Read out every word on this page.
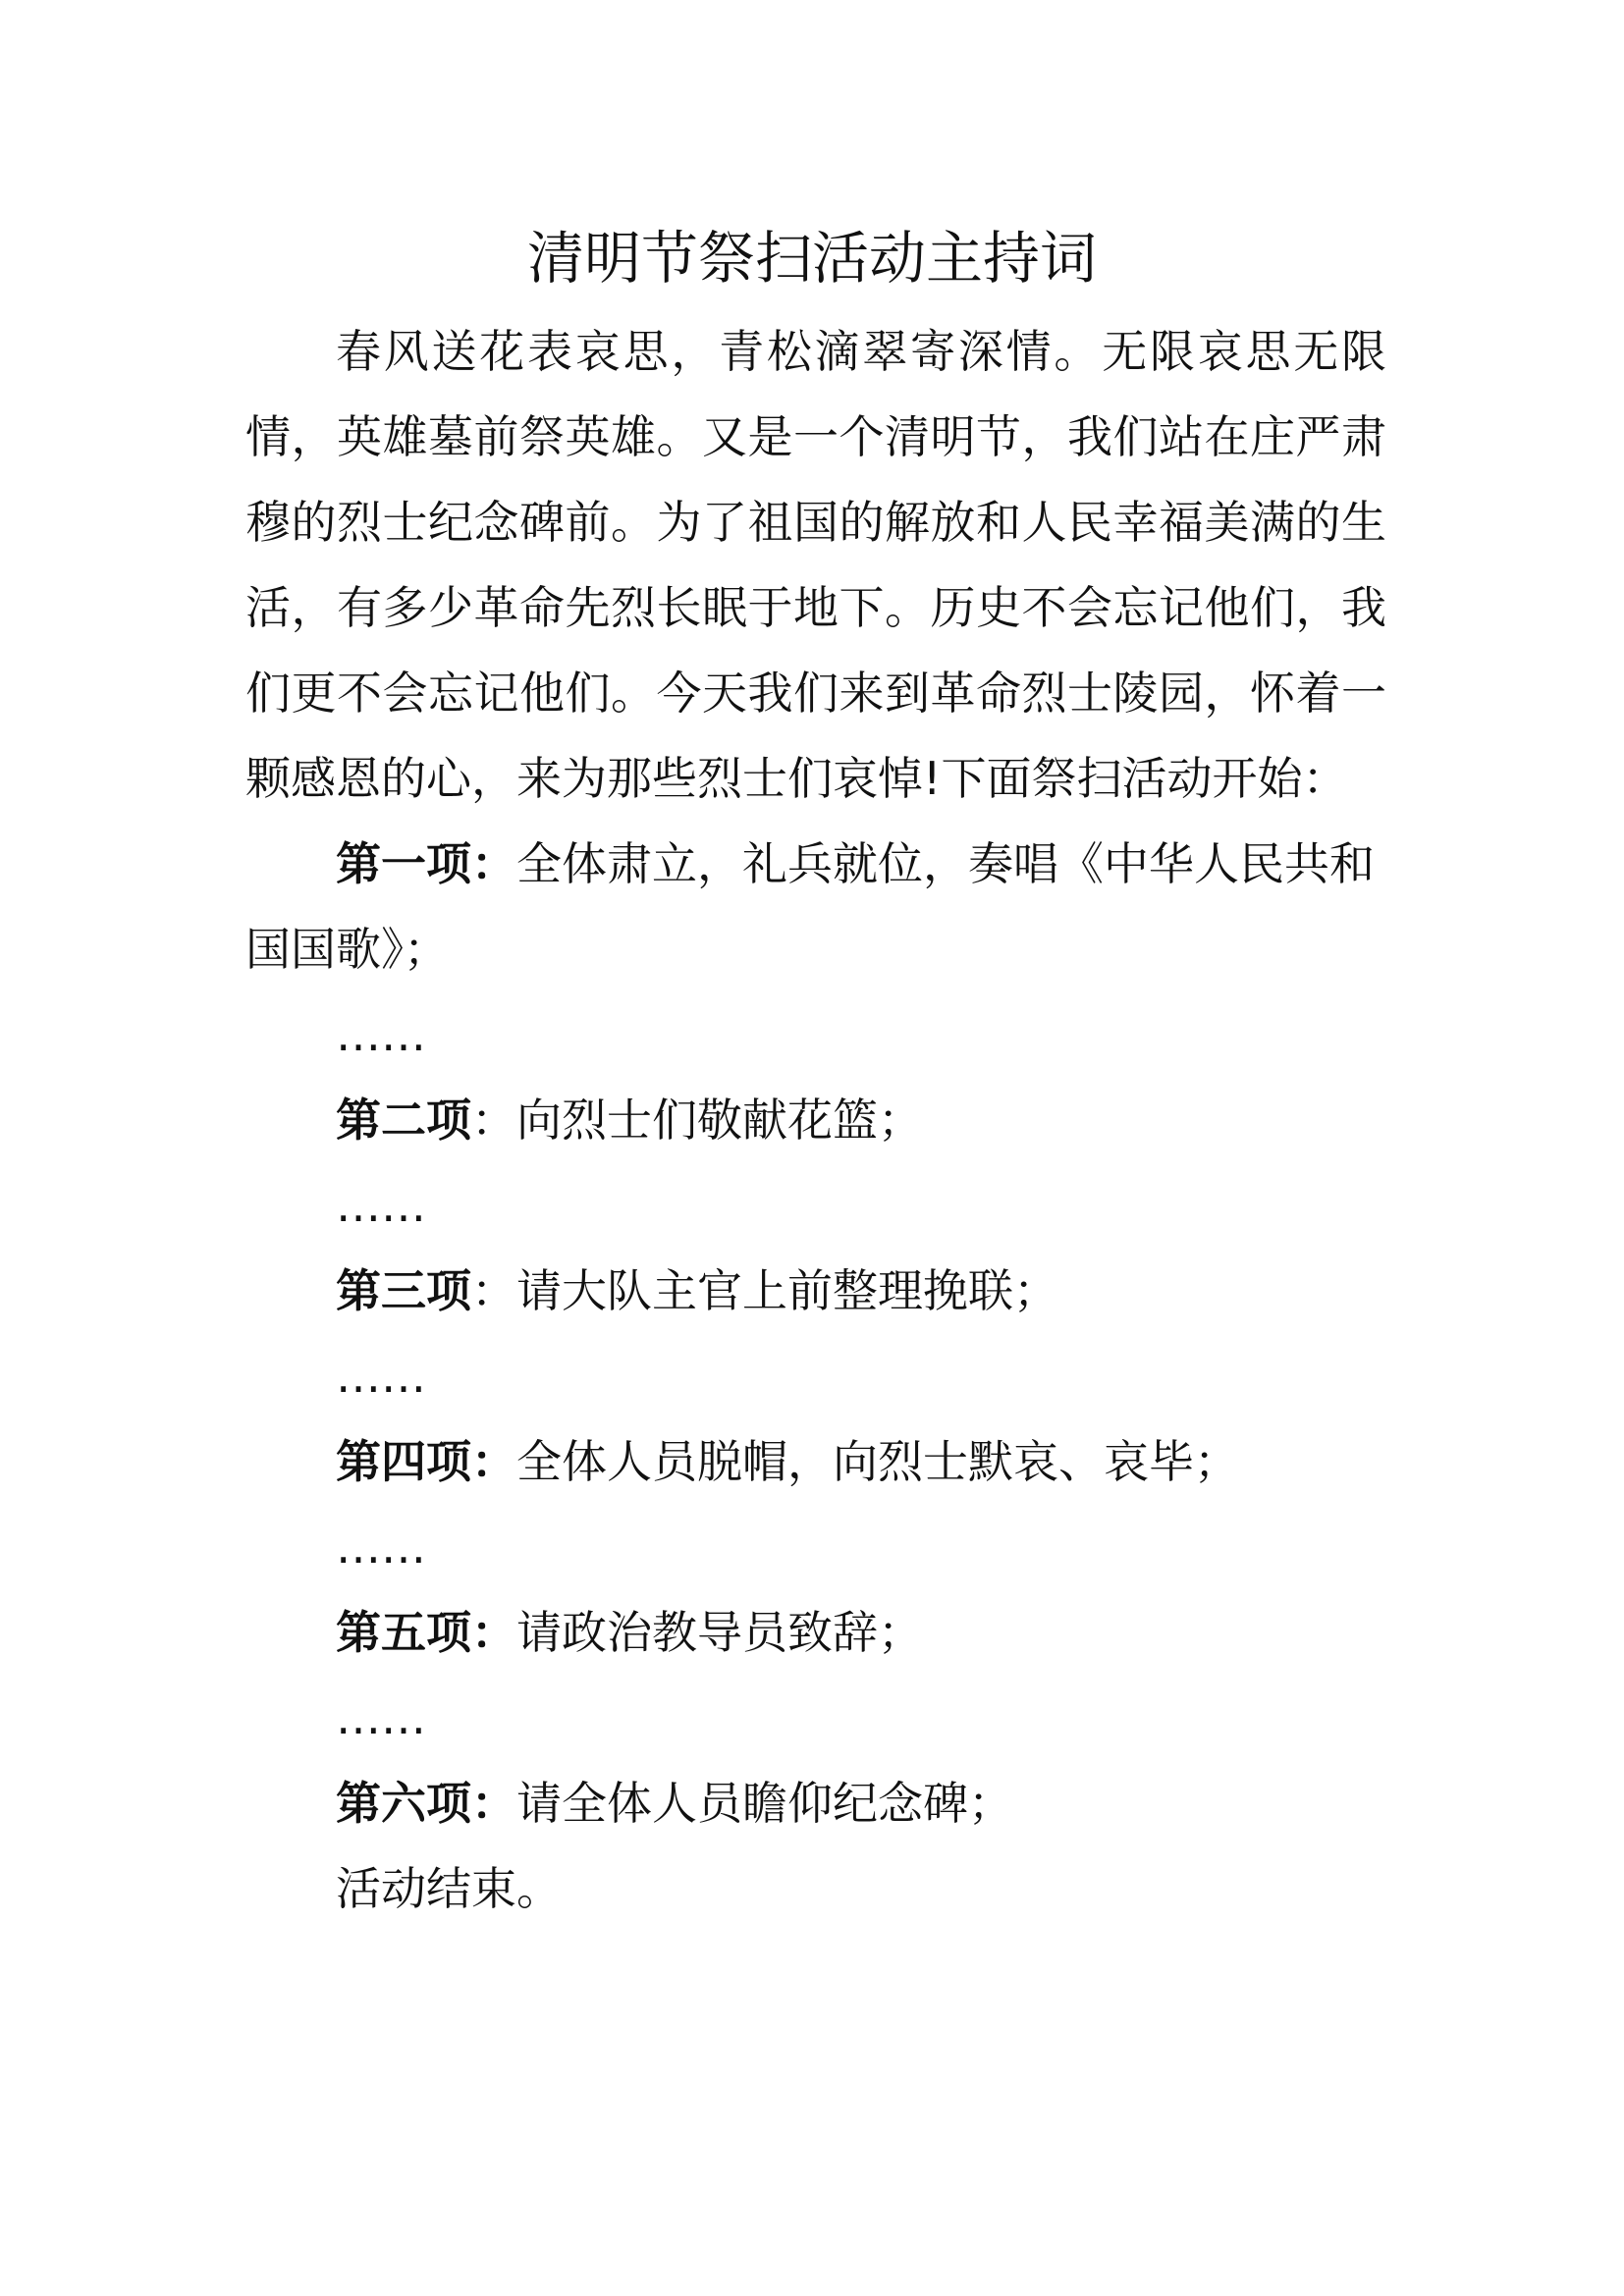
清明节祭扫活动主持词

春风送花表哀思，青松滴翠寄深情。无限哀思无限情，英雄墓前祭英雄。又是一个清明节，我们站在庄严肃穆的烈士纪念碑前。为了祖国的解放和人民幸福美满的生活，有多少革命先烈长眠于地下。历史不会忘记他们，我们更不会忘记他们。今天我们来到革命烈士陵园，怀着一颗感恩的心，来为那些烈士们哀悼!下面祭扫活动开始：

第一项：全体肃立，礼兵就位，奏唱《中华人民共和国国歌》；

……

第二项：向烈士们敬献花篮；

……

第三项：请大队主官上前整理挽联；

……

第四项：全体人员脱帽，向烈士默哀、哀毕；

……

第五项：请政治教导员致辞；

……

第六项：请全体人员瞻仰纪念碑；

活动结束。
